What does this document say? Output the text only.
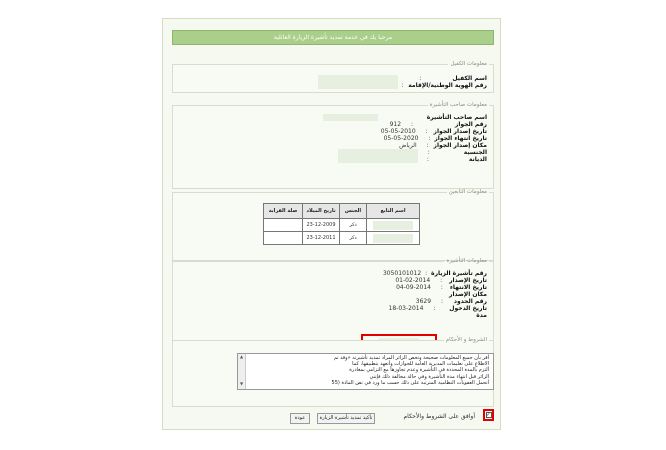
مرحبا بك في خدمة تمديد تأشيرة الزيارة العائلية
معلومات الكفيل
اسم الكفيل :
رقم الهوية الوطنية/الإقامة :
معلومات صاحب التأشيرة
اسم صاحب التأشيرة
رقم الجواز : 912
تاريخ إصدار الجواز : 05-05-2010
تاريخ انتهاء الجواز : 05-05-2020
مكان إصدار الجواز : الرياض
الجنسية :
الديانة :
معلومات التابعين
اسم التابع	الجنس	تاريخ الميلاد	صلة القرابة

	ذكر	23-12-2009	

	ذكر	23-12-2011	
معلومات التأشيرة
رقم تأشيرة الزيارة : 3050101012
تاريخ الإصدار : 01-02-2014
تاريخ الانتهاء : 04-09-2014
مكان الإصدار
رقم الحدود : 3629
تاريخ الدخول : 18-03-2014
مدة
الشروط و الأحكام
أقر بأن جميع المعلومات صحيحة وتخص الزائر المراد تمديد تأشيرته «وقد تم
الاطلاع على تعليمات المديرية العامة للجوازات وأتعهد بتطبيقها، كما
ألتزم بالمدة المحددة في التأشيرة وعدم تجاوزها مع التزامي بمغادرة
الزائر قبل انتهاء مدة التأشيرة وفي حالة مخالفة ذلك فإنني
أتحمل العقوبات النظامية المترتبة على ذلك حسب ما ورد في نص المادة (55
▲
▼
✓
أوافق على الشروط والأحكام
تأكيد تمديد تأشيرة الزيارة
عودة
